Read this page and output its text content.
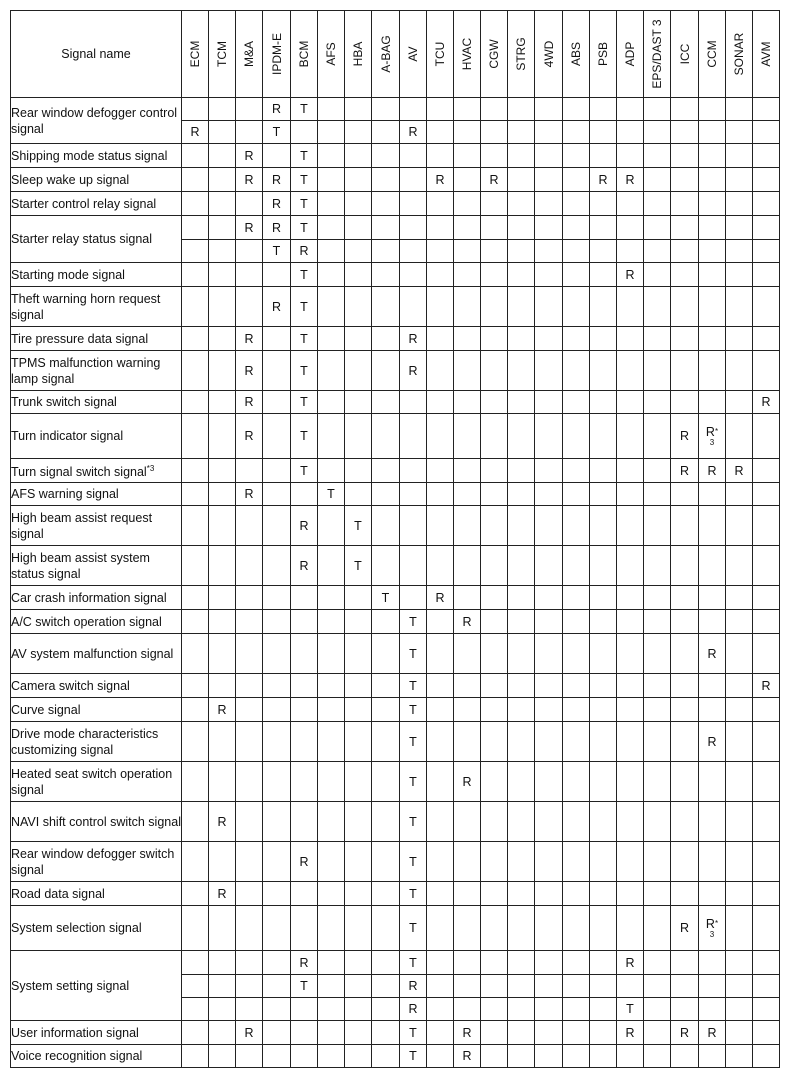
Signal name	ECM	TCM	M&A	IPDM-E	BCM	AFS	HBA	A-BAG	AV	TCU	HVAC	CGW	STRG	4WD	ABS	PSB	ADP	EPS/DAST 3	ICC	CCM	SONAR	AVM

Rear window defogger control signal				R	T																	
	R			T					R													
Shipping mode status signal			R		T																	
Sleep wake up signal			R	R	T					R		R				R	R					
Starter control relay signal				R	T																	
Starter relay status signal			R	R	T																	
				T	R																	
Starting mode signal					T												R					
Theft warning horn request signal				R	T																	
Tire pressure data signal			R		T				R													
TPMS malfunction warning lamp signal			R		T				R													
Trunk switch signal			R		T																	R
Turn indicator signal			R		T														R	R*
3		

Turn signal switch signal$^{*3}$					T														R	R	R	
AFS warning signal			R			T																
High beam assist request signal					R		T															
High beam assist system status signal					R		T															
Car crash information signal								T		R												
A/C switch operation signal									T		R											
AV system malfunction signal									T											R		
Camera switch signal									T													R
Curve signal		R							T													
Drive mode characteristics customizing signal									T											R		
Heated seat switch operation signal									T		R											
NAVI shift control switch signal		R							T													
Rear window defogger switch signal					R				T													
Road data signal		R							T													
System selection signal									T										R	R*
3		

System setting signal					R				T								R					
					T				R													
									R								T					
User information signal			R						T		R						R		R	R		
Voice recognition signal									T		R											
